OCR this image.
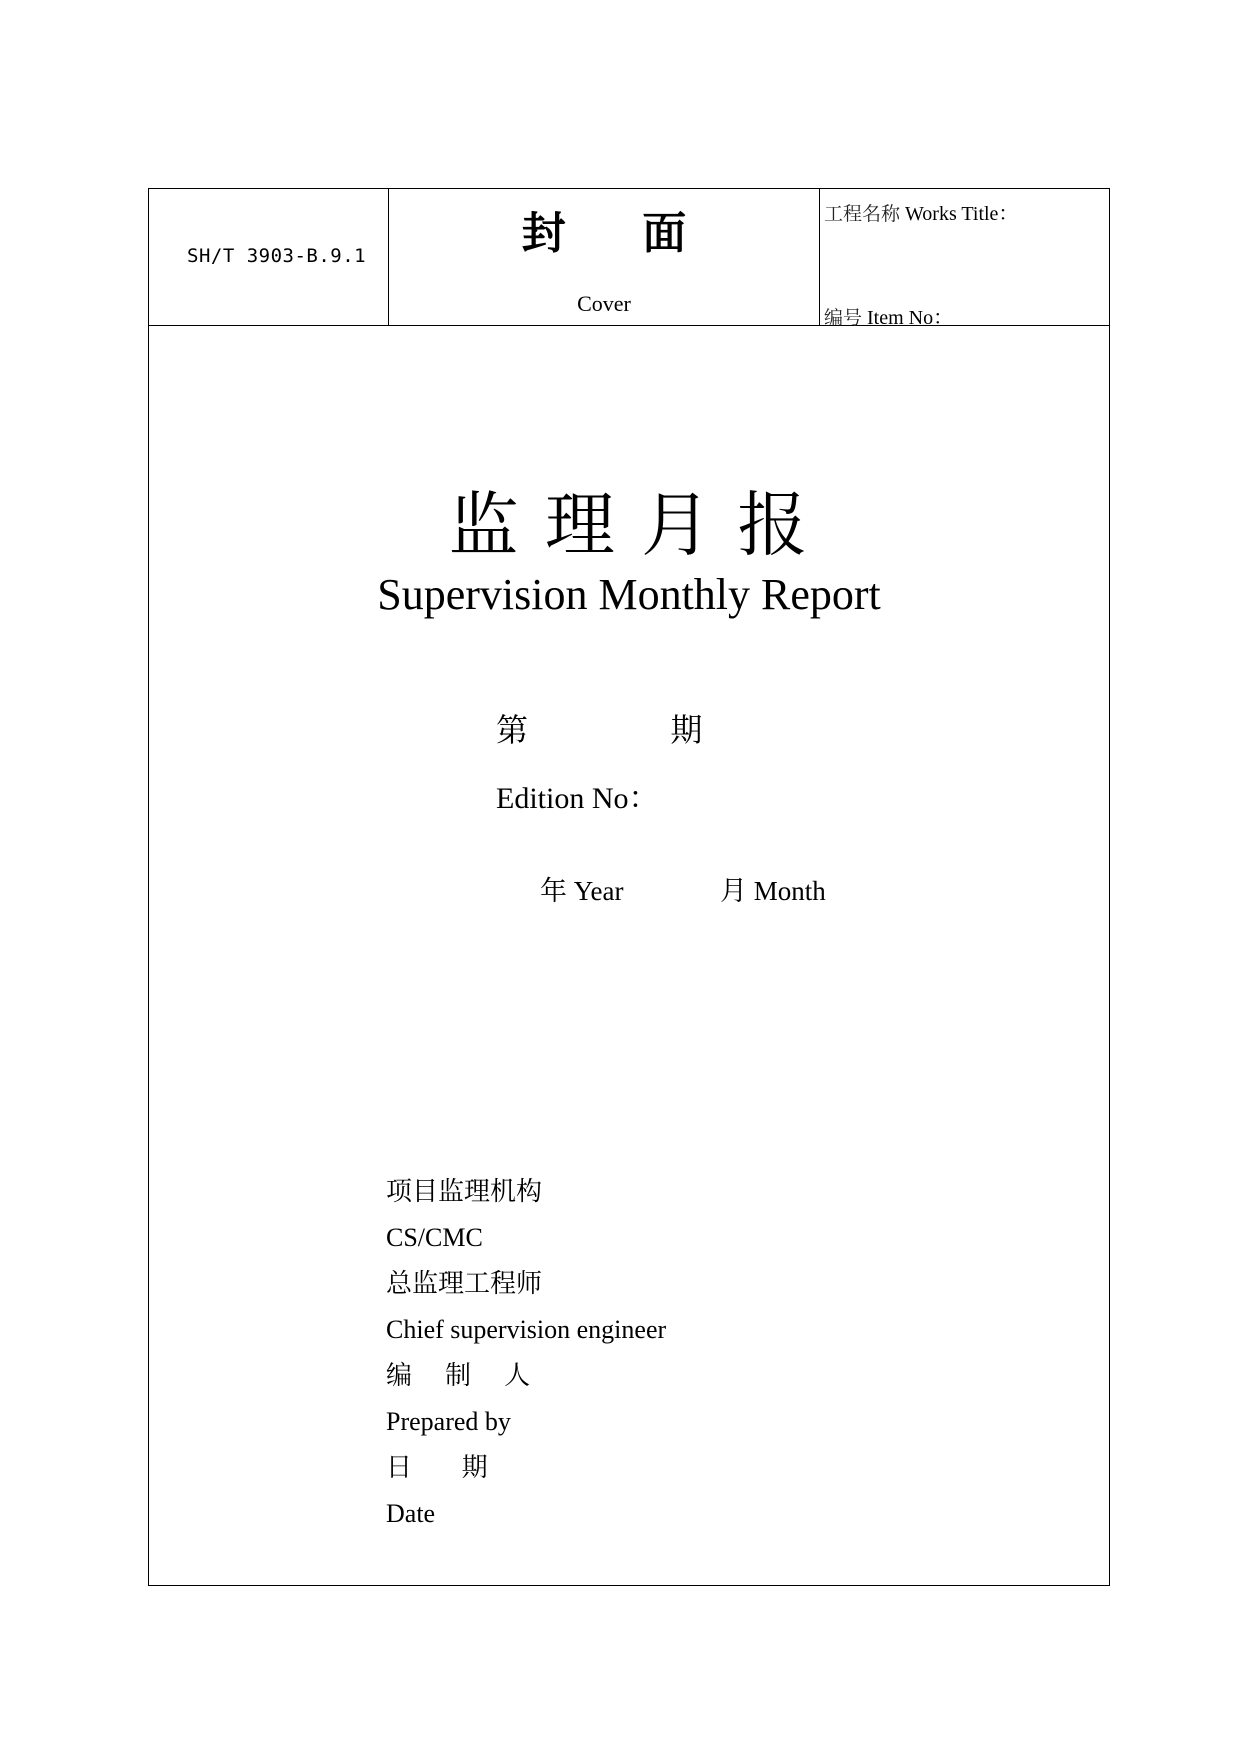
SH/T 3903-B.9.1	封     面
Cover
工程名称 Works Title：
编号 Item No：
监 理 月 报
Supervision Monthly Report
第              期
Edition No：
年 Year	月 Month
项目监理机构
CS/CMC
总监理工程师
Chief supervision engineer
编    制    人
Prepared by
日      期
Date
